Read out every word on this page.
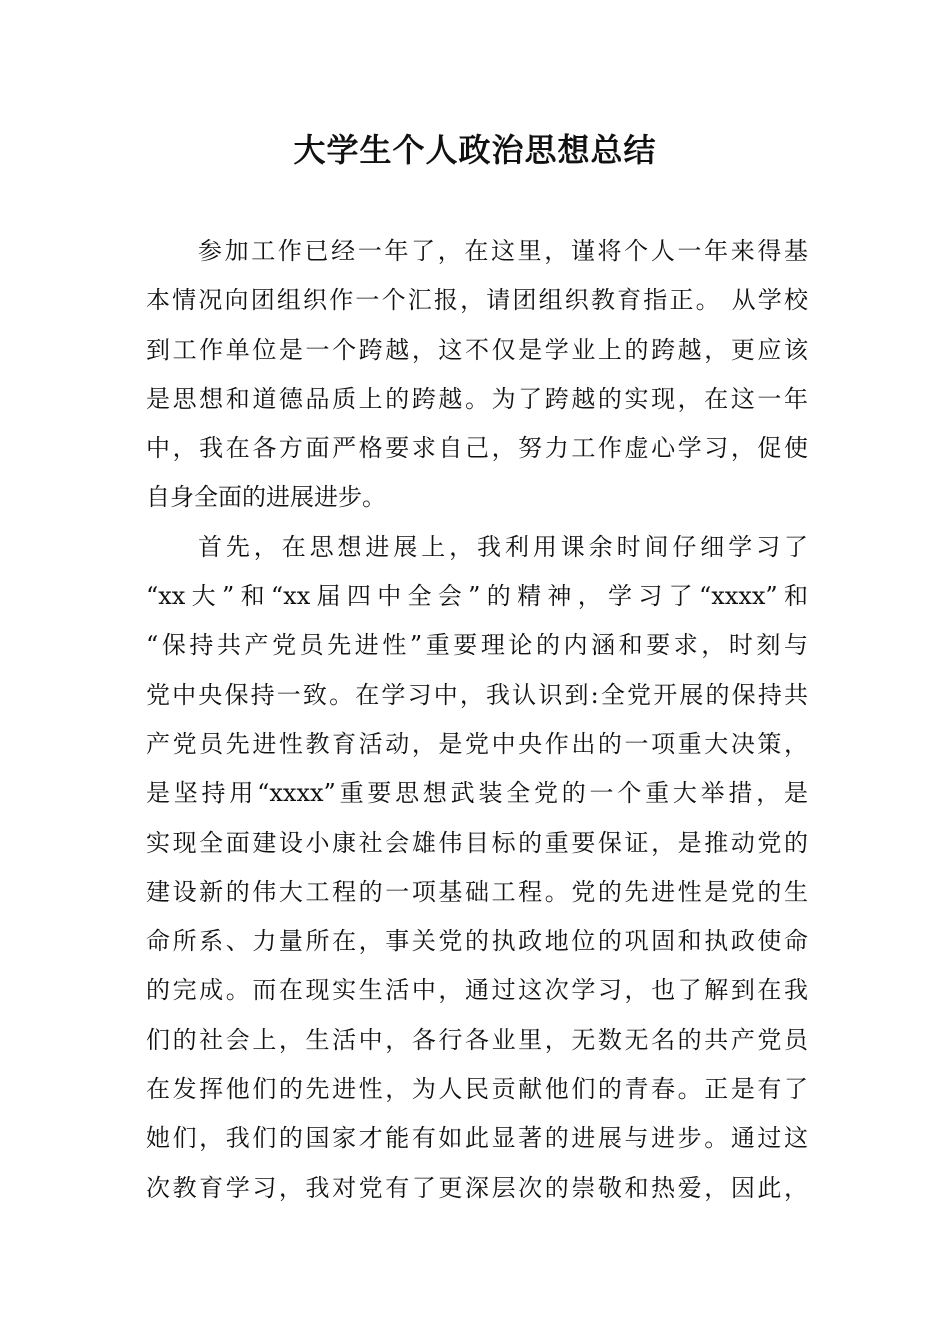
大学生个人政治思想总结
参加工作已经一年了，在这里，谨将个人一年来得基
本情况向团组织作一个汇报，请团组织教育指正。 从学校
到工作单位是一个跨越，这不仅是学业上的跨越，更应该
是思想和道德品质上的跨越。为了跨越的实现，在这一年
中，我在各方面严格要求自己，努力工作虚心学习，促使
自身全面的进展进步。
首先，在思想进展上，我利用课余时间仔细学习了
“xx大”和“xx届四中全会”的精神，学习了“xxxx”和
“保持共产党员先进性”重要理论的内涵和要求，时刻与
党中央保持一致。在学习中，我认识到:全党开展的保持共
产党员先进性教育活动，是党中央作出的一项重大决策，
是坚持用“xxxx”重要思想武装全党的一个重大举措，是
实现全面建设小康社会雄伟目标的重要保证，是推动党的
建设新的伟大工程的一项基础工程。党的先进性是党的生
命所系、力量所在，事关党的执政地位的巩固和执政使命
的完成。而在现实生活中，通过这次学习，也了解到在我
们的社会上，生活中，各行各业里，无数无名的共产党员
在发挥他们的先进性，为人民贡献他们的青春。正是有了
她们，我们的国家才能有如此显著的进展与进步。通过这
次教育学习，我对党有了更深层次的崇敬和热爱，因此，
